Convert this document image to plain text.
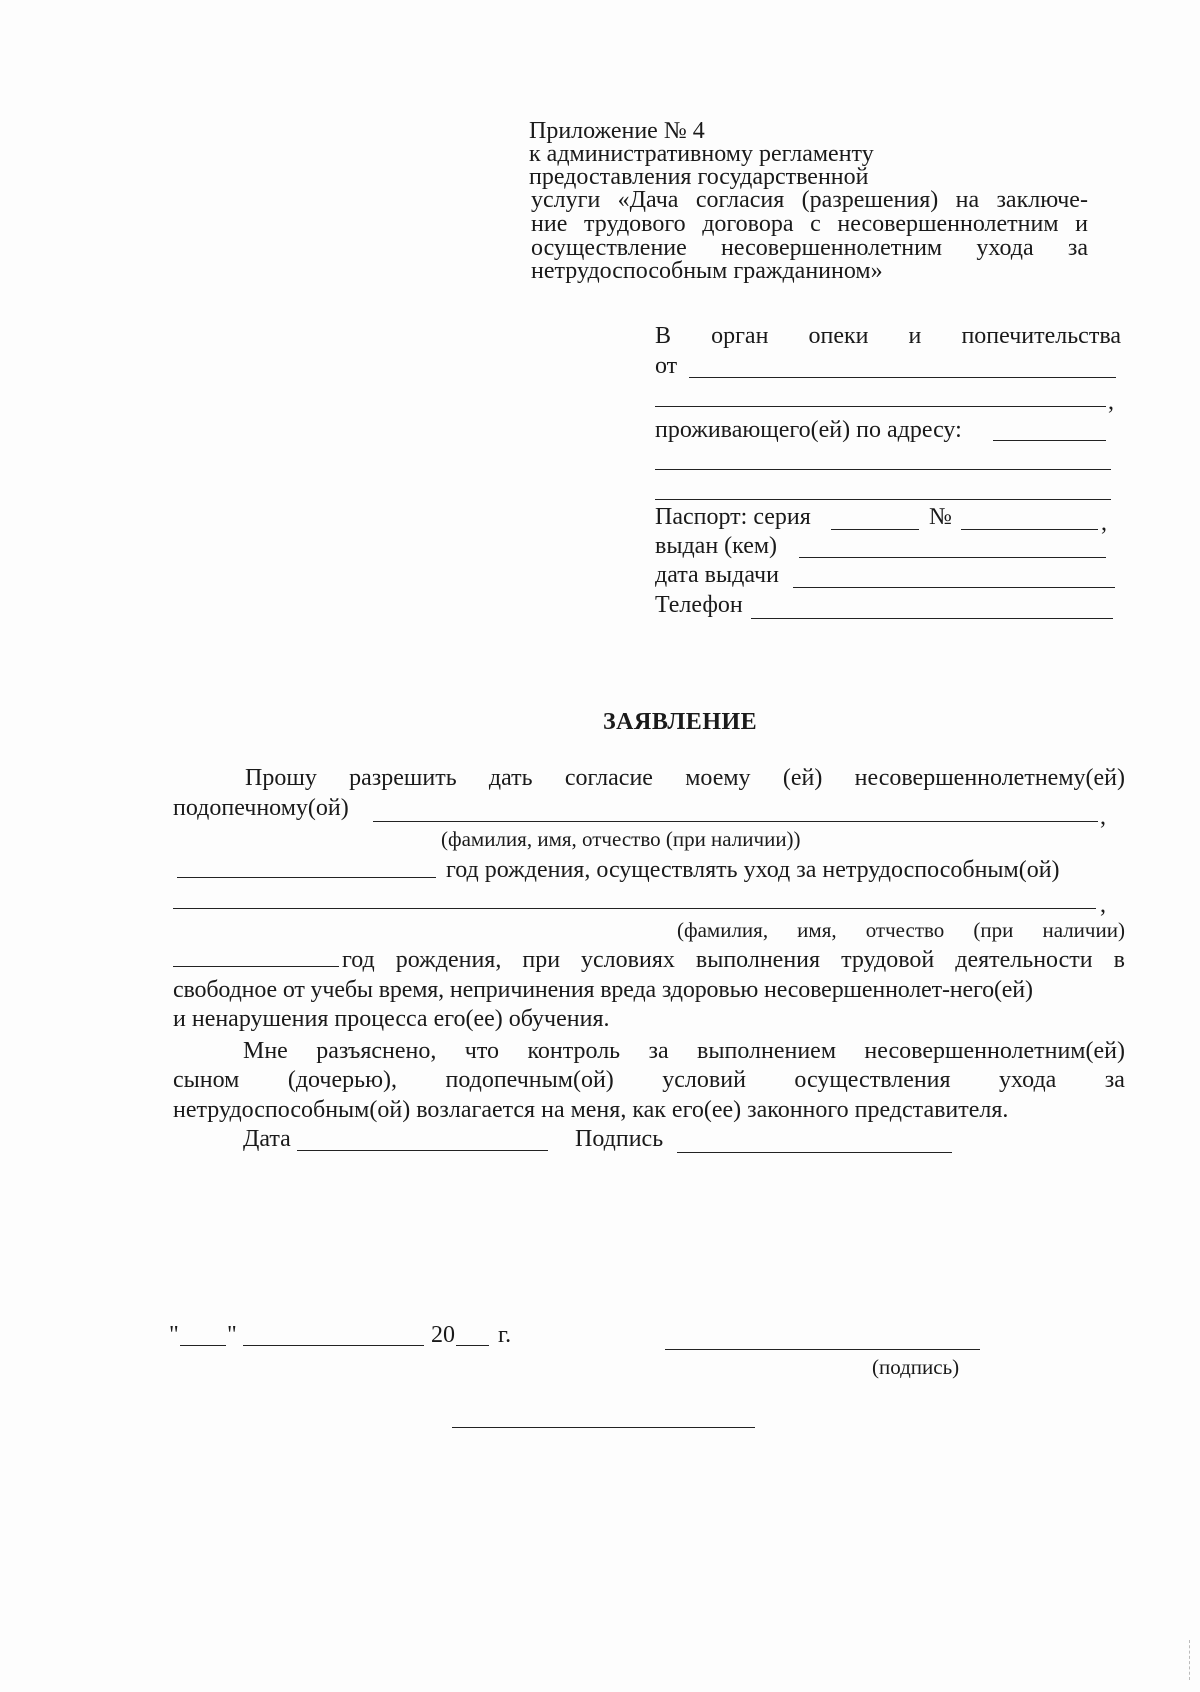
Приложение № 4
к административному регламенту
предоставления государственной
услуги «Дача согласия (разрешения) на заключе-
ние трудового договора с несовершеннолетним и
осуществление несовершеннолетним ухода за
нетрудоспособным гражданином»
В орган опеки и попечительства
от
,
проживающего(ей) по адресу:
Паспорт: серия	№	,
выдан (кем)
дата выдачи
Телефон
ЗАЯВЛЕНИЕ
Прошу разрешить дать согласие моему (ей) несовершеннолетнему(ей)
подопечному(ой)	,
(фамилия, имя, отчество (при наличии))
год рождения, осуществлять уход за нетрудоспособным(ой)
,
(фамилия, имя, отчество (при наличии)
год рождения, при условиях выполнения трудовой деятельности в
свободное от учебы время, непричинения вреда здоровью несовершеннолет-него(ей)
и ненарушения процесса его(ее) обучения.
Мне разъяснено, что контроль за выполнением несовершеннолетним(ей)
сыном (дочерью), подопечным(ой) условий осуществления ухода за
нетрудоспособным(ой) возлагается на меня, как его(ее) законного представителя.
Дата	Подпись
" "	20 г.
(подпись)
